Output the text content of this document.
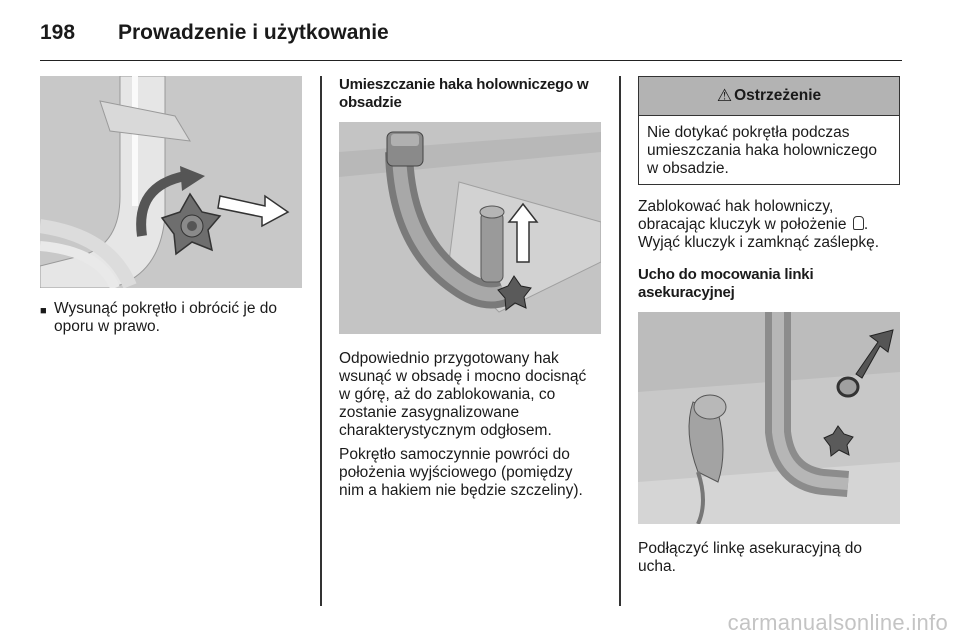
198 Prowadzenie i użytkowanie
■ Wysunąć pokrętło i obrócić je do oporu w prawo.
Umieszczanie haka holowniczego w obsadzie

Odpowiednio przygotowany hak wsunąć w obsadę i mocno docisnąć w górę, aż do zablokowania, co zostanie zasygnalizowane charakterystycznym odgłosem.

Pokrętło samoczynnie powróci do położenia wyjściowego (pomiędzy nim a hakiem nie będzie szczeliny).

⚠ Ostrzeżenie

Nie dotykać pokrętła podczas umieszczania haka holowniczego w obsadzie.

Zablokować hak holowniczy, obracając kluczyk w położenie .
Wyjąć kluczyk i zamknąć zaślepkę.

Ucho do mocowania linki asekuracyjnej

Podłączyć linkę asekuracyjną do ucha.

carmanualsonline.info
